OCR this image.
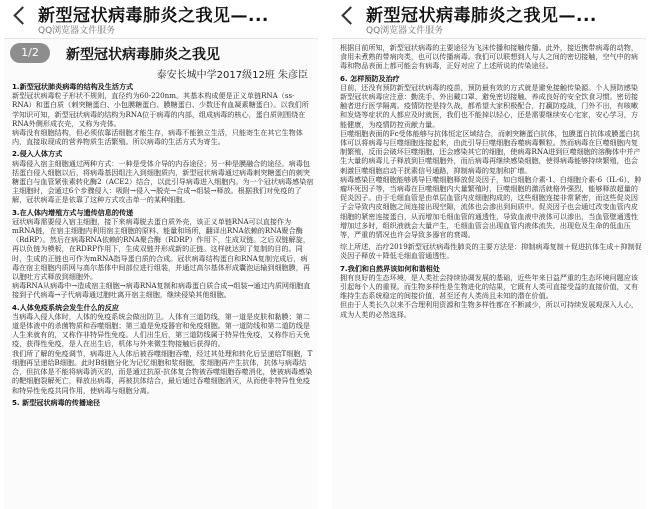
新型冠状病毒肺炎之我见—...
QQ浏览器文件服务
1/2	新型冠状病毒肺炎之我见
泰安长城中学2017级12班 朱彦臣

1.新型冠状肺炎病毒的结构及生活方式

新型冠状病毒粒子形状不规则，直径约为60-220nm。其基本构成便是正义单链RNA（ss-RNA）和蛋白质（刺突糖蛋白、小包膜糖蛋白、膜糖蛋白、少数还有血凝素糖蛋白）。以我们所学知识可知，新型冠状病毒的结构为RNA位于病毒的内部，组成病毒的核心，蛋白质则围绕在RNA外侧形成衣壳，又称为壳体。

病毒没有细胞结构，但必须依靠活细胞才能生存，病毒不能独立生活，只能寄生在其它生物体内，直接取现成的营养物质生活繁殖。所以病毒的生活方式为寄生。

2.侵入人体方式

病毒侵入宿主细胞通过两种方式：一种是受体介导的内吞途径；另一种是膜融合的途径。病毒包括蛋白侵入细胞以后，将病毒基因组注入到细胞质内，新型冠状病毒通过病毒刺突糖蛋白的刺突糖蛋白与血管紧张素转化酶2（ACE2）结合，以此引导病毒进入细胞内。为一个冠状病毒感染宿主细胞时，会通过6个步骤侵入：吸附→侵入→脱壳→合成→组装→释放。根据我们对免疫的了解，冠状病毒正是依靠了这种方式攻击单一的某种细胞。

3.在人体内增殖方式与遗传信息的传递

冠状病毒需要侵入宿主细胞，接下来病毒脱去蛋白质外壳，该正义单链RNA可以直接作为mRNA链，在宿主细胞内利用宿主细胞的原料、能量和场所，翻译出RNA依赖的RNA聚合酶（RdRP）。然后在病毒RNA依赖的RNA聚合酶（RDRP）作用下，生成双链。之后双链解旋，再以负链为模板，在RDRP作用下，生成双链并形成新的正链。这样就达到了复制的目的。同时，生成的正链也可作为mRNA指导蛋白质的合成。冠状病毒结构蛋白和RNA复制完成后，病毒在宿主细胞内质网与高尔基体中间部位进行组装，并通过高尔基体形成囊泡运输到细胞膜，再以胞吐方式释放到细胞外。

病毒RNA从病毒中→造成宿主细胞→病毒RNA复制和病毒蛋白质合成→组装→通过内质网细胞直接到子代病毒→子代病毒通过胞吐离开宿主细胞，继续侵染其他细胞。

4.人体免疫系统会发生什么的反应

当病毒入侵人体时，人体的免疫系统会做出防卫。人体有三道防线，第一道是皮肤和黏膜；第二道是体液中的杀菌物质和吞噬细胞；第三道是免疫器官和免疫细胞。第一道防线和第二道防线是人生来就有的，又称作非特异性免疫。人们出生后，第三道防线属于特异性免疫，又称作后天免疫，获得性免疫，是人在出生后，机体与外来微生物接触后获得的。

我们所了解的免疫调节，病毒进入人体后被吞噬细胞吞噬，经过其处理和转化后呈递给T细胞，T细胞再呈递给B细胞。此时B细胞分化为记忆细胞和浆细胞，浆细胞再产生抗体，抗体与病毒结合，但抗体是不能将病毒消灭的，而是通过抗原-抗体复合物被吞噬细胞吞噬消化，使被病毒感染的靶细胞裂解死亡，释放出病毒，再被抗体结合，最后通过吞噬细胞消灭，从而使非特异性免疫和特异性免疫共同作用，使病毒与细胞分离。

5. 新型冠状病毒的传播途径

新型冠状病毒肺炎之我见—...
QQ浏览器文件服务

根据目前所知，新型冠状病毒的主要途径为飞沫传播和接触传播。此外，接近携带病毒的动物，食用未煮熟的带病肉类，也可以传播病毒。我们可以联想到人与人之间的密切接触，空气中的病毒和物品表面上都可能会有病毒，正好对应了上述所说的传染途径。

6. 怎样预防及治疗

目前，还没有预防新型冠状病毒的疫苗，预防最有效的方式就是避免接触传染源。个人预防感染新型冠状病毒应注意：勤洗手、外出戴口罩、避免密切接触、养成良好的安全饮食习惯。密切接触者进行医学隔离。疫情防控是持久战，都希望大家积极配合，打赢防疫战，门外不出，有咳嗽和发烧等症状的人都应及时就医，我们也不能掉以轻心，还是需要继续安心宅家，安心学习，方能健康，为疫情防控贡献力量。

巨噬细胞表面的Fc受体能够与抗体恒定区域结合，而刺突糖蛋白抗体，包膜蛋白抗体或膜蛋白抗体可以将病毒与巨噬细胞连接起来，由此引导巨噬细胞吞噬病毒颗粒。然而病毒在巨噬细胞内复制繁殖，反而会破坏巨噬细胞，还会感染其它的细胞，使病毒RNA进到巨噬细胞的溶酶体中并产生大量的病毒儿子释放到巨噬细胞外，而后病毒再继续感染细胞，使得病毒能够持续繁殖，也会刺激巨噬细胞启动干扰素信号通路，抑制病毒的复制和扩增。

病毒感染巨噬细胞能够诱导巨噬细胞释放促炎因子，如白细胞介素-1、白细胞介素-6（IL-6）、肿瘤坏死因子等，当病毒在巨噬细胞内大量繁殖时，巨噬细胞的激活就格外强烈，能够释放超量的促炎因子。由于毛细血管是由单层血管内皮细胞构成的，这些细胞连接非常紧密，而这些促炎因子会导致内皮细胞之间连接出现空隙，流体也会渗出到间质中。促炎因子也会通过改变血管内皮细胞的紧密连接蛋白，从而增加毛细血管的通透性，导致血液中液体可以渗出，当血管壁通透性增加过多时，组织液就会大量产生，毛细血管会出现血管内液体流失，出现危及生命的低血压等，严重的情况也许会导致多器官的衰竭。

综上所述，治疗2019新型冠状病毒性肺炎的主要方法是：抑制病毒复制＋促进抗体生成＋抑制促炎因子释放＋降低毛细血管通透性。

7.我们和自然界该如何和谐相处

拥有良好的生态环境，是人类社会持续协调发展的基础，近些年来日益严重的生态环境问题应该引起每个人的重视。而生物多样性是生物进化的结果，它既有人类可直接受益的直接价值，又有维持生态系统稳定的间接价值，甚至还有人类尚且未知的潜在价值。

但由于人类长久以来不合理利用资源和生物多样性都在不断减少，所以可持续发展观深入人心，成为人类的必然选择。
